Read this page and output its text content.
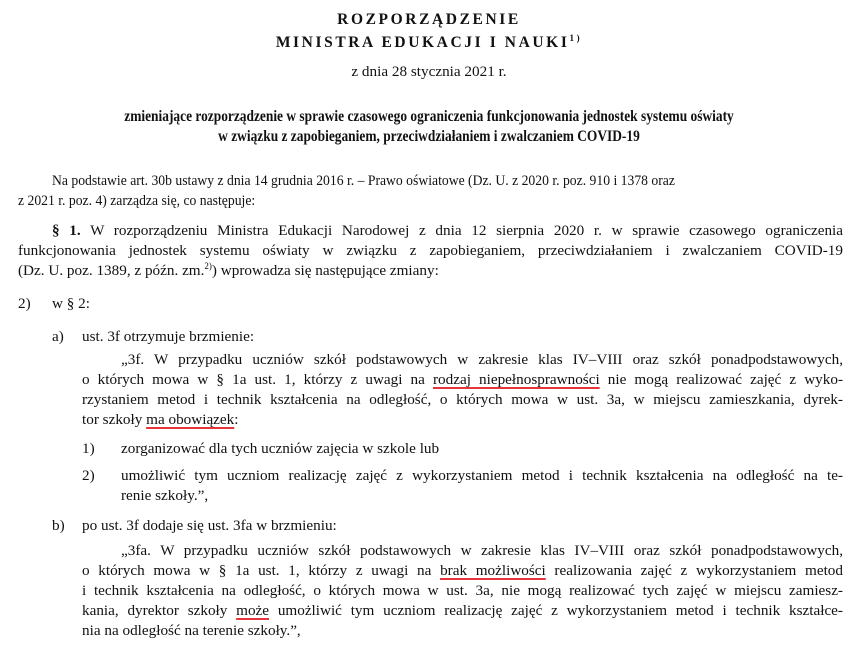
ROZPORZĄDZENIE
MINISTRA EDUKACJI I NAUKI$^{1)}$
z dnia 28 stycznia 2021 r.
zmieniające rozporządzenie w sprawie czasowego ograniczenia funkcjonowania jednostek systemu oświaty
w związku z zapobieganiem, przeciwdziałaniem i zwalczaniem COVID-19
Na podstawie art. 30b ustawy z dnia 14 grudnia 2016 r. – Prawo oświatowe (Dz. U. z 2020 r. poz. 910 i 1378 oraz
z 2021 r. poz. 4) zarządza się, co następuje:
§ 1. W rozporządzeniu Ministra Edukacji Narodowej z dnia 12 sierpnia 2020 r. w sprawie czasowego ograniczenia
funkcjonowania jednostek systemu oświaty w związku z zapobieganiem, przeciwdziałaniem i zwalczaniem COVID-19
(Dz. U. poz. 1389, z późn. zm.$^{2)}$) wprowadza się następujące zmiany:
2) w § 2:
a) ust. 3f otrzymuje brzmienie:
„3f. W przypadku uczniów szkół podstawowych w zakresie klas IV–VIII oraz szkół ponadpodstawowych,
o których mowa w § 1a ust. 1, którzy z uwagi na rodzaj niepełnosprawności nie mogą realizować zajęć z wyko-
rzystaniem metod i technik kształcenia na odległość, o których mowa w ust. 3a, w miejscu zamieszkania, dyrek-
tor szkoły ma obowiązek:
1) zorganizować dla tych uczniów zajęcia w szkole lub
2) umożliwić tym uczniom realizację zajęć z wykorzystaniem metod i technik kształcenia na odległość na te-
renie szkoły.”,
b) po ust. 3f dodaje się ust. 3fa w brzmieniu:
„3fa. W przypadku uczniów szkół podstawowych w zakresie klas IV–VIII oraz szkół ponadpodstawowych,
o których mowa w § 1a ust. 1, którzy z uwagi na brak możliwości realizowania zajęć z wykorzystaniem metod
i technik kształcenia na odległość, o których mowa w ust. 3a, nie mogą realizować tych zajęć w miejscu zamiesz-
kania, dyrektor szkoły może umożliwić tym uczniom realizację zajęć z wykorzystaniem metod i technik kształce-
nia na odległość na terenie szkoły.”,
